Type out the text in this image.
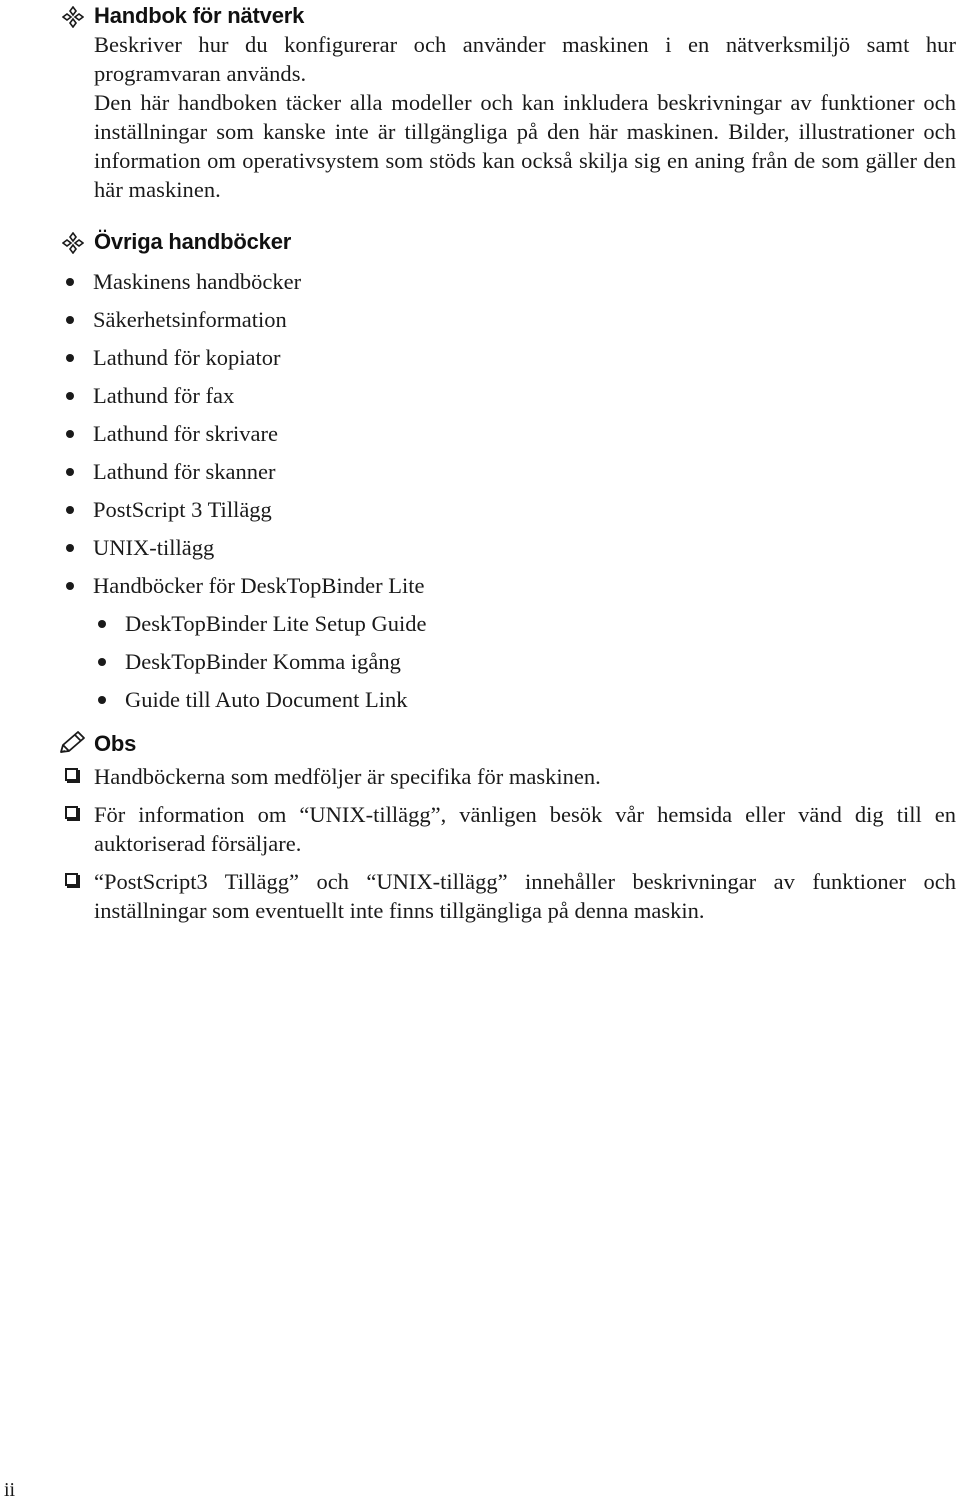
Handbok för nätverk

Beskriver hur du konfigurerar och använder maskinen i en nätverksmiljö samt hur programvaran används.

Den här handboken täcker alla modeller och kan inkludera beskrivningar av funktioner och inställningar som kanske inte är tillgängliga på den här maskinen. Bilder, illustrationer och information om operativsystem som stöds kan också skilja sig en aning från de som gäller den här maskinen.

Övriga handböcker
Maskinens handböcker
Säkerhetsinformation
Lathund för kopiator
Lathund för fax
Lathund för skrivare
Lathund för skanner
PostScript 3 Tillägg
UNIX-tillägg
Handböcker för DeskTopBinder Lite
DeskTopBinder Lite Setup Guide
DeskTopBinder Komma igång
Guide till Auto Document Link
Obs
Handböckerna som medföljer är specifika för maskinen.
För information om “UNIX-tillägg”, vänligen besök vår hemsida eller vänd dig till en auktoriserad försäljare.
“PostScript3 Tillägg” och “UNIX-tillägg” innehåller beskrivningar av funktioner och inställningar som eventuellt inte finns tillgängliga på denna maskin.
ii
